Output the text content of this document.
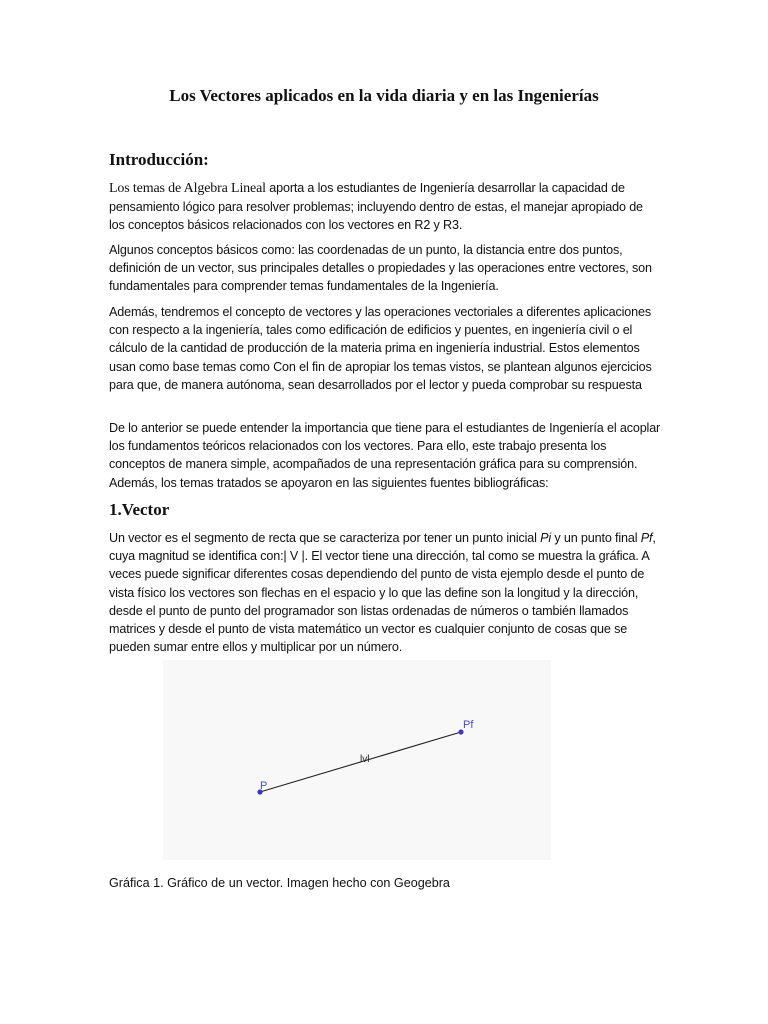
Los Vectores aplicados en la vida diaria y en las Ingenierías
Introducción:

Los temas de Algebra Lineal aporta a los estudiantes de Ingeniería desarrollar la capacidad de pensamiento lógico para resolver problemas; incluyendo dentro de estas, el manejar apropiado de los conceptos básicos relacionados con los vectores en R2 y R3.

Algunos conceptos básicos como: las coordenadas de un punto, la distancia entre dos puntos, definición de un vector, sus principales detalles o propiedades y las operaciones entre vectores, son fundamentales para comprender temas fundamentales de la Ingeniería.

Además, tendremos el concepto de vectores y las operaciones vectoriales a diferentes aplicaciones con respecto a la ingeniería, tales como edificación de edificios y puentes, en ingeniería civil o el cálculo de la cantidad de producción de la materia prima en ingeniería industrial. Estos elementos usan como base temas como Con el fin de apropiar los temas vistos, se plantean algunos ejercicios para que, de manera autónoma, sean desarrollados por el lector y pueda comprobar su respuesta

De lo anterior se puede entender la importancia que tiene para el estudiantes de Ingeniería el acoplar los fundamentos teóricos relacionados con los vectores. Para ello, este trabajo presenta los conceptos de manera simple, acompañados de una representación gráfica para su comprensión. Además, los temas tratados se apoyaron en las siguientes fuentes bibliográficas:

1.Vector

Un vector es el segmento de recta que se caracteriza por tener un punto inicial Pi y un punto final Pf, cuya magnitud se identifica con:| V |. El vector tiene una dirección, tal como se muestra la gráfica. A veces puede significar diferentes cosas dependiendo del punto de vista ejemplo desde el punto de vista físico los vectores son flechas en el espacio y lo que las define son la longitud y la dirección, desde el punto de punto del programador son listas ordenadas de números o también llamados matrices y desde el punto de vista matemático un vector es cualquier conjunto de cosas que se pueden sumar entre ellos y multiplicar por un número.

P
Pf
lvl
Gráfica 1. Gráfico de un vector. Imagen hecho con Geogebra
